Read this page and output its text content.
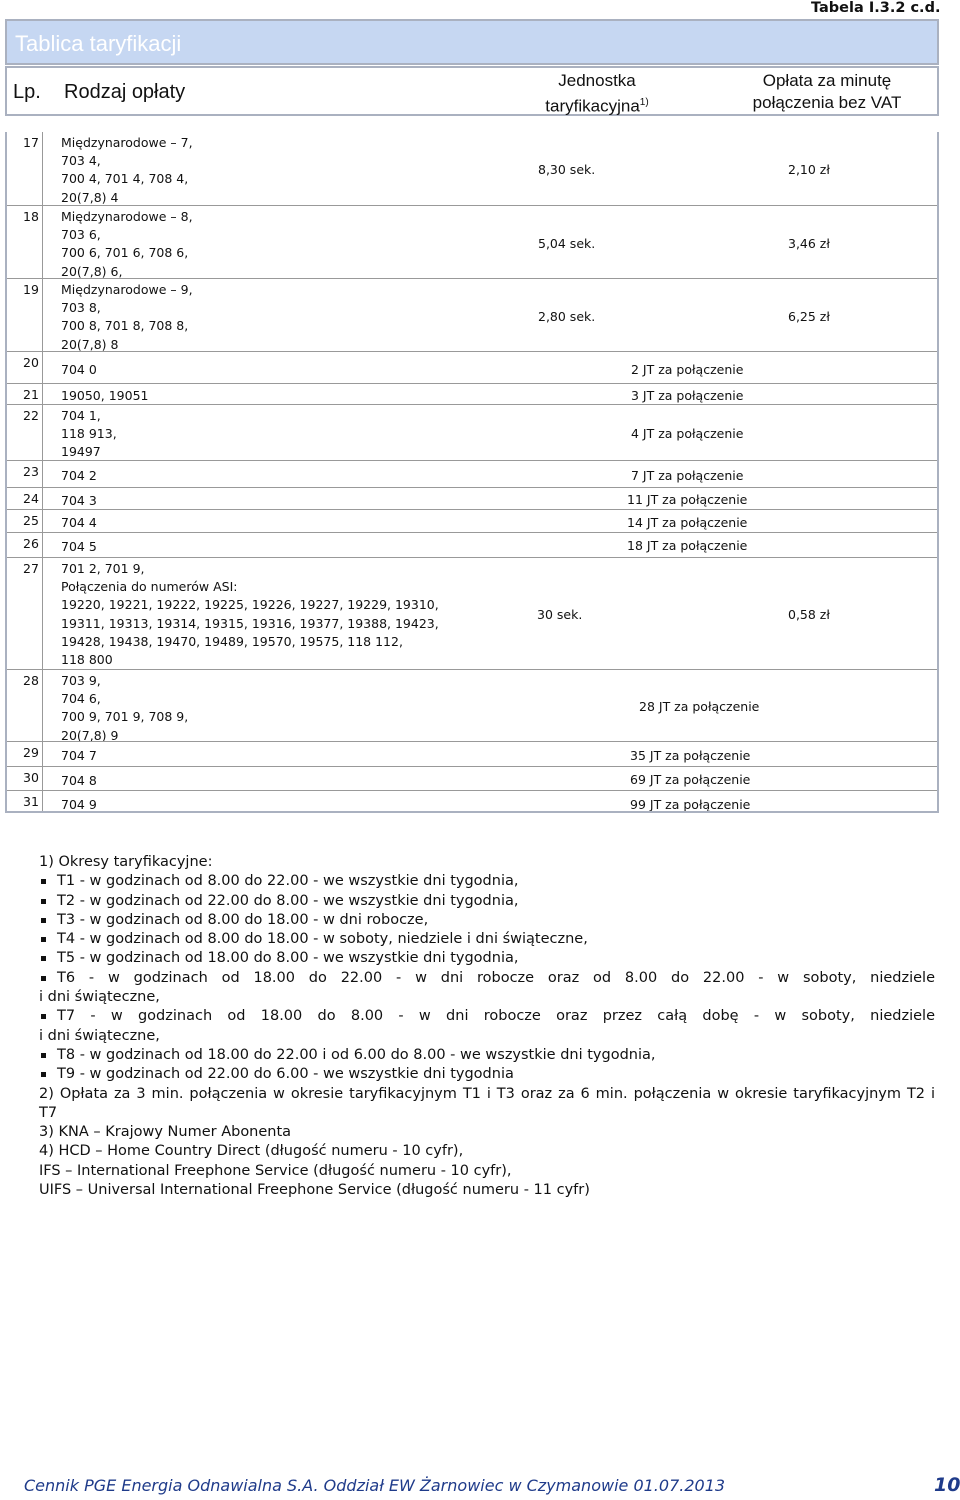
Tabela I.3.2 c.d.
Tablica taryfikacji
Lp. Rodzaj opłaty
Jednostka taryfikacyjna$^{1)}$
Opłata za minutę
połączenia bez VAT
17 Międzynarodowe – 7,
703 4,
700 4, 701 4, 708 4,
20(7,8) 4
8,30 sek.	2,10 zł
18 Międzynarodowe – 8,
703 6,
700 6, 701 6, 708 6,
20(7,8) 6,
5,04 sek.	3,46 zł
19 Międzynarodowe – 9,
703 8,
700 8, 701 8, 708 8,
20(7,8) 8
2,80 sek.	6,25 zł
20 704 0	2 JT za połączenie
21 19050, 19051	3 JT za połączenie
22 704 1,
118 913,
19497
4 JT za połączenie
23 704 2	7 JT za połączenie
24 704 3	11 JT za połączenie
25 704 4	14 JT za połączenie
26 704 5	18 JT za połączenie
27 701 2, 701 9,
Połączenia do numerów ASI:
19220, 19221, 19222, 19225, 19226, 19227, 19229, 19310,
19311, 19313, 19314, 19315, 19316, 19377, 19388, 19423,
19428, 19438, 19470, 19489, 19570, 19575, 118 112,
118 800
30 sek.	0,58 zł
28 703 9,
704 6,
700 9, 701 9, 708 9,
20(7,8) 9
28 JT za połączenie
29 704 7	35 JT za połączenie
30 704 8	69 JT za połączenie
31 704 9	99 JT za połączenie
1) Okresy taryfikacyjne:
T1 - w godzinach od 8.00 do 22.00 - we wszystkie dni tygodnia,
T2 - w godzinach od 22.00 do 8.00 - we wszystkie dni tygodnia,
T3 - w godzinach od 8.00 do 18.00 - w dni robocze,
T4 - w godzinach od 8.00 do 18.00 - w soboty, niedziele i dni świąteczne,
T5 - w godzinach od 18.00 do 8.00 - we wszystkie dni tygodnia,
T6 - w godzinach od 18.00 do 22.00 - w dni robocze oraz od 8.00 do 22.00 - w soboty, niedziele
i dni świąteczne,
T7 - w godzinach od 18.00 do 8.00 - w dni robocze oraz przez całą dobę - w soboty, niedziele
i dni świąteczne,
T8 - w godzinach od 18.00 do 22.00 i od 6.00 do 8.00 - we wszystkie dni tygodnia,
T9 - w godzinach od 22.00 do 6.00 - we wszystkie dni tygodnia
2) Opłata za 3 min. połączenia w okresie taryfikacyjnym T1 i T3 oraz za 6 min. połączenia w okresie taryfikacyjnym T2 i
T7
3) KNA – Krajowy Numer Abonenta
4) HCD – Home Country Direct (długość numeru - 10 cyfr),
IFS – International Freephone Service (długość numeru - 10 cyfr),
UIFS – Universal International Freephone Service (długość numeru - 11 cyfr)
Cennik PGE Energia Odnawialna S.A. Oddział EW Żarnowiec w Czymanowie 01.07.2013	10
